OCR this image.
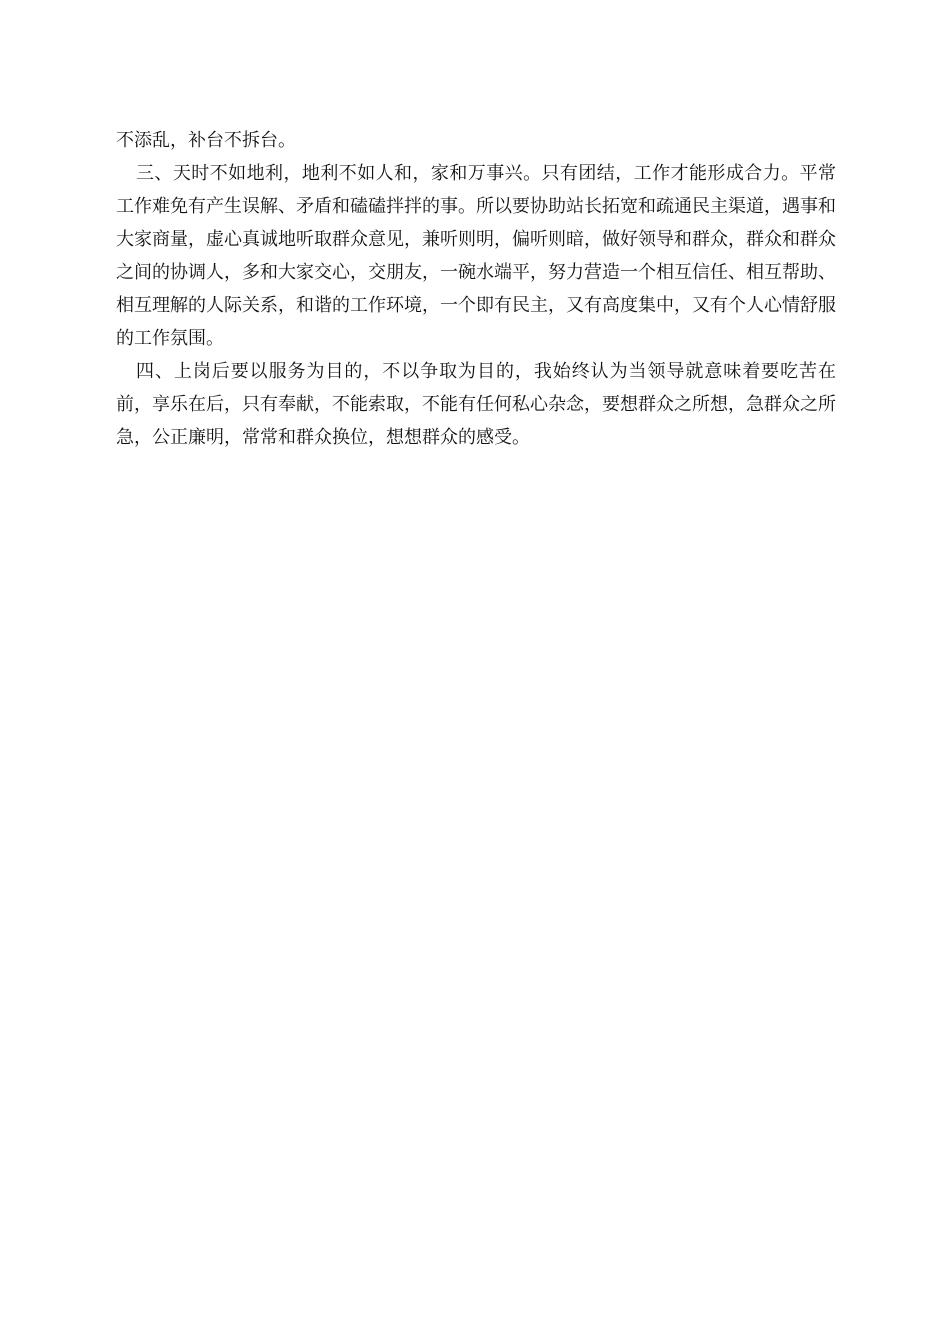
不添乱，补台不拆台。

三、天时不如地利，地利不如人和，家和万事兴。只有团结，工作才能形成合力。平常工作难免有产生误解、矛盾和磕磕拌拌的事。所以要协助站长拓宽和疏通民主渠道，遇事和大家商量，虚心真诚地听取群众意见，兼听则明，偏听则暗，做好领导和群众，群众和群众之间的协调人，多和大家交心，交朋友，一碗水端平，努力营造一个相互信任、相互帮助、相互理解的人际关系，和谐的工作环境，一个即有民主，又有高度集中，又有个人心情舒服的工作氛围。

四、上岗后要以服务为目的，不以争取为目的，我始终认为当领导就意味着要吃苦在前，享乐在后，只有奉献，不能索取，不能有任何私心杂念，要想群众之所想，急群众之所急，公正廉明，常常和群众换位，想想群众的感受。
